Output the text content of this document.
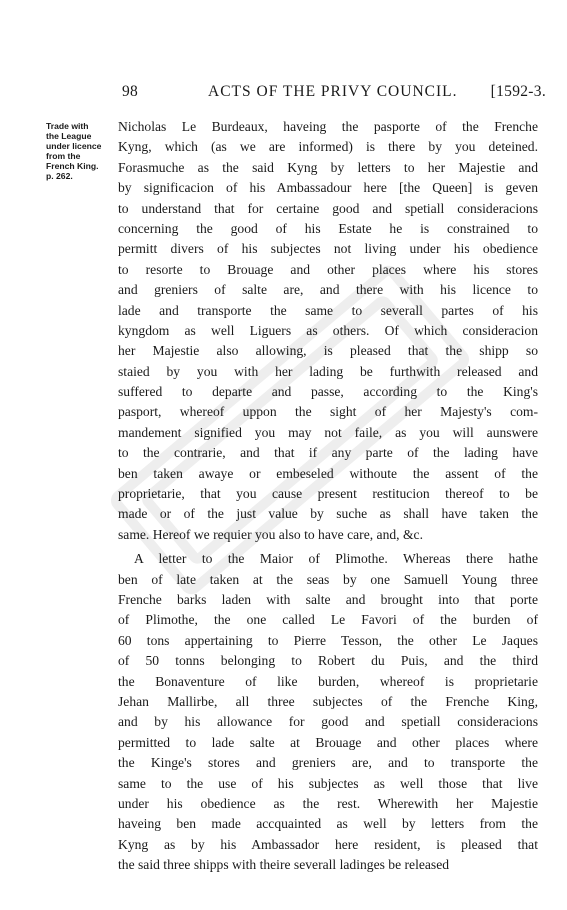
98	ACTS OF THE PRIVY COUNCIL. [1592-3.
Trade with
the League
under licence
from the
French King.
p. 262.
Nicholas Le Burdeaux, haveing the pasporte of the Frenche
Kyng, which (as we are informed) is there by you deteined.
Forasmuche as the said Kyng by letters to her Majestie and
by significacion of his Ambassadour here [the Queen] is geven
to understand that for certaine good and spetiall consideracions
concerning the good of his Estate he is constrained to
permitt divers of his subjectes not living under his obedience
to resorte to Brouage and other places where his stores
and greniers of salte are, and there with his licence to
lade and transporte the same to severall partes of his
kyngdom as well Liguers as others. Of which consideracion
her Majestie also allowing, is pleased that the shipp so
staied by you with her lading be furthwith released and
suffered to departe and passe, according to the King's
pasport, whereof uppon the sight of her Majesty's com-
mandement signified you may not faile, as you will aunswere
to the contrarie, and that if any parte of the lading have
ben taken awaye or embeseled withoute the assent of the
proprietarie, that you cause present restitucion thereof to be
made or of the just value by suche as shall have taken the
same. Hereof we requier you also to have care, and, &c.
A letter to the Maior of Plimothe. Whereas there hathe
ben of late taken at the seas by one Samuell Young three
Frenche barks laden with salte and brought into that porte
of Plimothe, the one called Le Favori of the burden of
60 tons appertaining to Pierre Tesson, the other Le Jaques
of 50 tonns belonging to Robert du Puis, and the third
the Bonaventure of like burden, whereof is proprietarie
Jehan Mallirbe, all three subjectes of the Frenche King,
and by his allowance for good and spetiall consideracions
permitted to lade salte at Brouage and other places where
the Kinge's stores and greniers are, and to transporte the
same to the use of his subjectes as well those that live
under his obedience as the rest. Wherewith her Majestie
haveing ben made accquainted as well by letters from the
Kyng as by his Ambassador here resident, is pleased that
the said three shipps with theire severall ladinges be released
